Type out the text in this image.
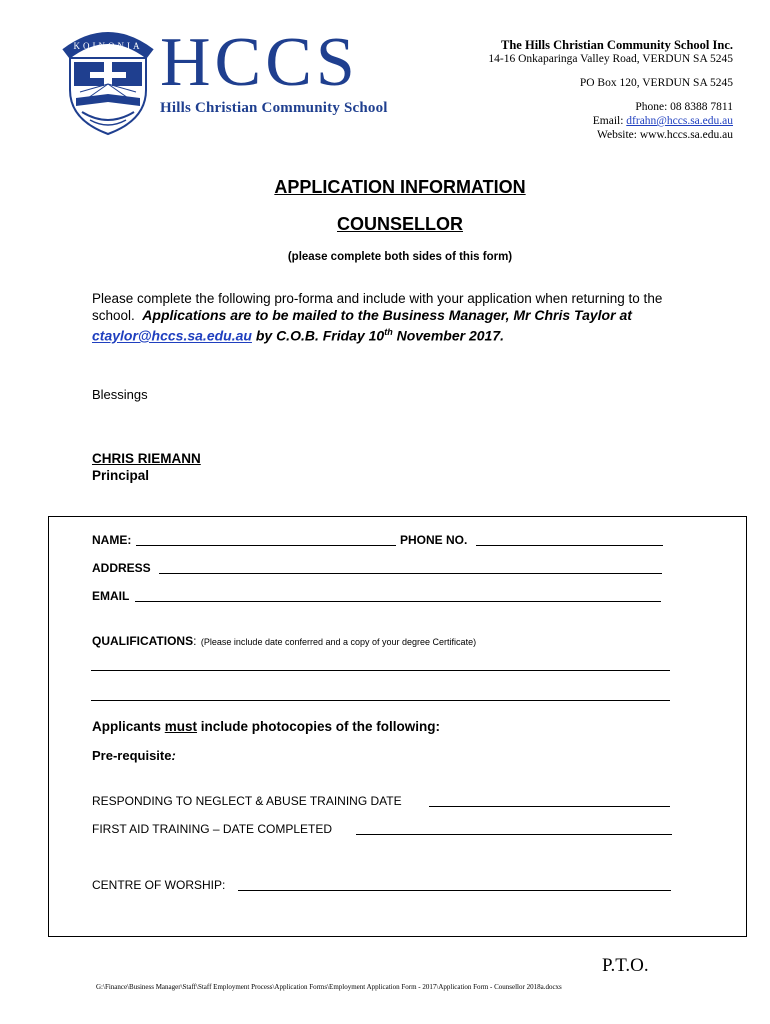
KOINONIA HCCS
Hills Christian Community School
The Hills Christian Community School Inc.
14-16 Onkaparinga Valley Road, VERDUN SA 5245
PO Box 120, VERDUN SA 5245
Phone: 08 8388 7811
Email: dfrahn@hccs.sa.edu.au
Website: www.hccs.sa.edu.au
APPLICATION INFORMATION
COUNSELLOR
(please complete both sides of this form)
Please complete the following pro-forma and include with your application when returning to the school. Applications are to be mailed to the Business Manager, Mr Chris Taylor at ctaylor@hccs.sa.edu.au by C.O.B. Friday 10th November 2017.
Blessings
CHRIS RIEMANN
Principal
NAME:	PHONE NO.
ADDRESS
EMAIL
QUALIFICATIONS: (Please include date conferred and a copy of your degree Certificate)
Applicants must include photocopies of the following:
Pre-requisite:
RESPONDING TO NEGLECT & ABUSE TRAINING DATE
FIRST AID TRAINING – DATE COMPLETED
CENTRE OF WORSHIP:
P.T.O.
G:\Finance\Business Manager\Staff\Staff Employment Process\Application Forms\Employment Application Form - 2017\Application Form - Counsellor 2018a.docxs
